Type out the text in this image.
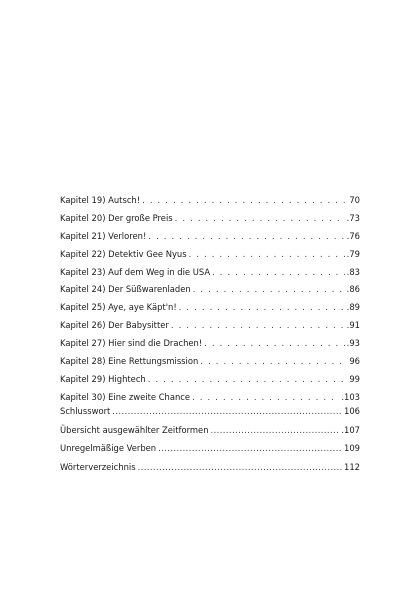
Kapitel 19) Autsch! . . .	70
Kapitel 20) Der große Preis . . .	.73
Kapitel 21) Verloren! . . .	.76
Kapitel 22) Detektiv Gee Nyus . . .	.79
Kapitel 23) Auf dem Weg in die USA . . .	.83
Kapitel 24) Der Süßwarenladen . . .	.86
Kapitel 25) Aye, aye Käpt'n! . . .	.89
Kapitel 26) Der Babysitter . . .	.91
Kapitel 27) Hier sind die Drachen! . . .	.93
Kapitel 28) Eine Rettungsmission . . .	96
Kapitel 29) Hightech . . .	99
Kapitel 30) Eine zweite Chance . . .	.103
Schlusswort .....	106
Übersicht ausgewählter Zeitformen .....	.107
Unregelmäßige Verben .....	109
Wörterverzeichnis .....	112
